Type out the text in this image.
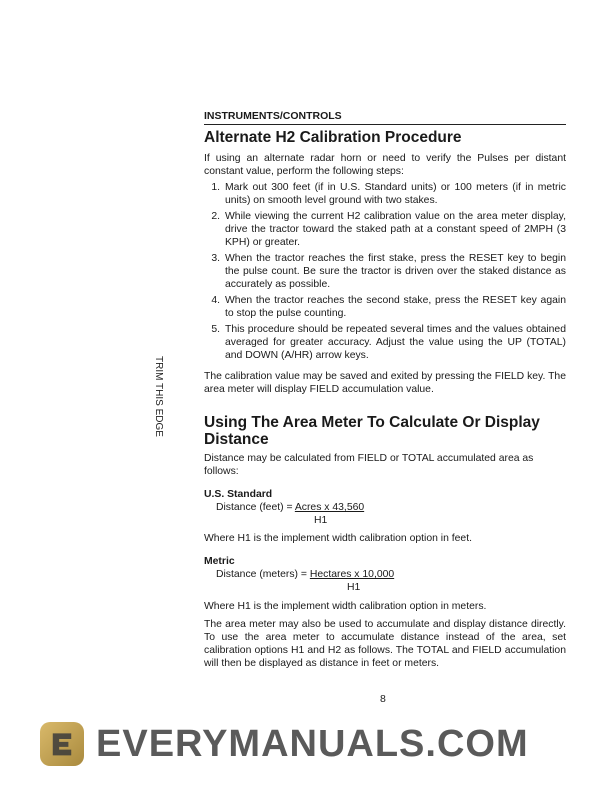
INSTRUMENTS/CONTROLS
Alternate H2 Calibration Procedure

If using an alternate radar horn or need to verify the Pulses per distant constant value, perform the following steps:

1. Mark out 300 feet (if in U.S. Standard units) or 100 meters (if in metric units) on smooth level ground with two stakes.
2. While viewing the current H2 calibration value on the area meter display, drive the tractor toward the staked path at a constant speed of 2MPH (3 KPH) or greater.
3. When the tractor reaches the first stake, press the RESET key to begin the pulse count. Be sure the tractor is driven over the staked distance as accurately as possible.
4. When the tractor reaches the second stake, press the RESET key again to stop the pulse counting.
5. This procedure should be repeated several times and the values obtained averaged for greater accuracy. Adjust the value using the UP (TOTAL) and DOWN (A/HR) arrow keys.

The calibration value may be saved and exited by pressing the FIELD key. The area meter will display FIELD accumulation value.

Using The Area Meter To Calculate Or Display Distance

Distance may be calculated from FIELD or TOTAL accumulated area as follows:

U.S. Standard
Distance (feet) = Acres x 43,560
H1

Where H1 is the implement width calibration option in feet.

Metric
Distance (meters) = Hectares x 10,000
H1

Where H1 is the implement width calibration option in meters.

The area meter may also be used to accumulate and display distance directly. To use the area meter to accumulate distance instead of the area, set calibration options H1 and H2 as follows. The TOTAL and FIELD accumulation will then be displayed as distance in feet or meters.

TRIM THIS EDGE
8
EVERYMANUALS.COM
